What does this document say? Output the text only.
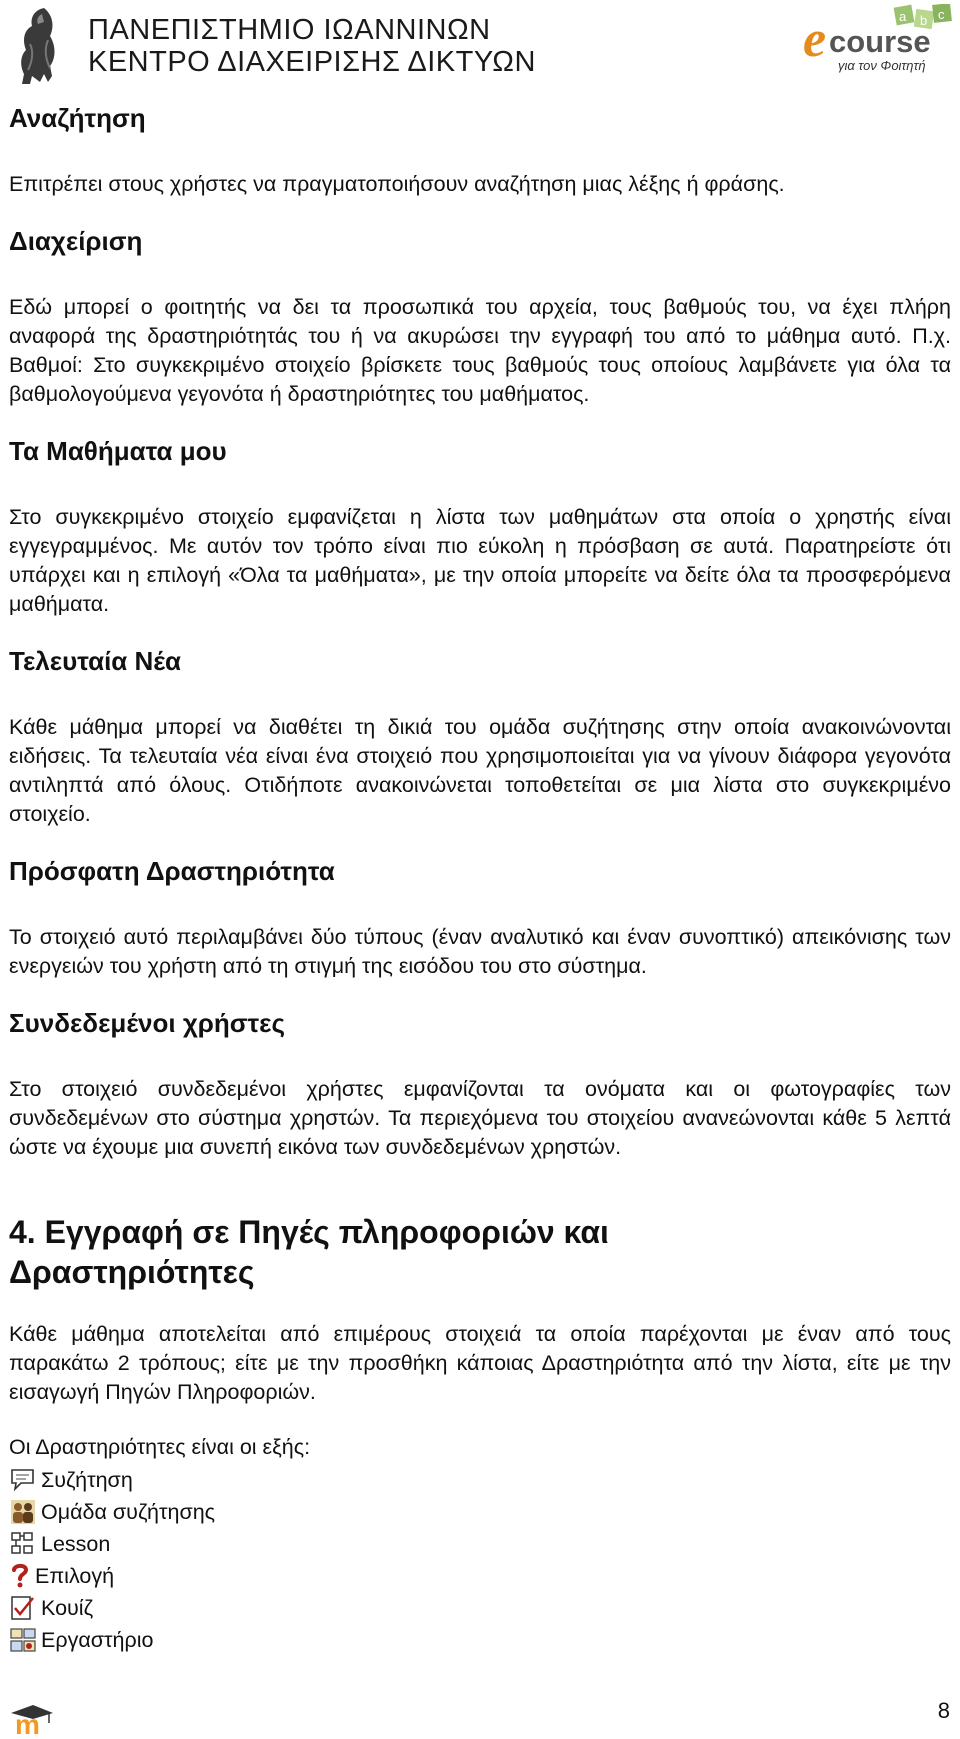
ΠΑΝΕΠΙΣΤΗΜΙΟ ΙΩΑΝΝΙΝΩΝ
ΚΕΝΤΡΟ ΔΙΑΧΕΙΡΙΣΗΣ ΔΙΚΤΥΩΝ
a b c
e course
για τον Φοιτητή
Αναζήτηση

Επιτρέπει στους χρήστες να πραγματοποιήσουν αναζήτηση μιας λέξης ή φράσης.

Διαχείριση

Εδώ μπορεί ο φοιτητής να δει τα προσωπικά του αρχεία, τους βαθμούς του, να έχει πλήρη αναφορά της δραστηριότητάς του ή να ακυρώσει την εγγραφή του από το μάθημα αυτό. Π.χ. Βαθμοί: Στο συγκεκριμένο στοιχείο βρίσκετε τους βαθμούς τους οποίους λαμβάνετε για όλα τα βαθμολογούμενα γεγονότα ή δραστηριότητες του μαθήματος.

Τα Μαθήματα μου

Στο συγκεκριμένο στοιχείο εμφανίζεται η λίστα των μαθημάτων στα οποία ο χρηστής είναι εγγεγραμμένος. Με αυτόν τον τρόπο είναι πιο εύκολη η πρόσβαση σε αυτά. Παρατηρείστε ότι υπάρχει και η επιλογή «Όλα τα μαθήματα», με την οποία μπορείτε να δείτε όλα τα προσφερόμενα μαθήματα.

Τελευταία Νέα

Κάθε μάθημα μπορεί να διαθέτει τη δικιά του ομάδα συζήτησης στην οποία ανακοινώνονται ειδήσεις. Τα τελευταία νέα είναι ένα στοιχειό που χρησιμοποιείται για να γίνουν διάφορα γεγονότα αντιληπτά από όλους. Οτιδήποτε ανακοινώνεται τοποθετείται σε μια λίστα στο συγκεκριμένο στοιχείο.

Πρόσφατη Δραστηριότητα

Το στοιχειό αυτό περιλαμβάνει δύο τύπους (έναν αναλυτικό και έναν συνοπτικό) απεικόνισης των ενεργειών του χρήστη από τη στιγμή της εισόδου του στο σύστημα.

Συνδεδεμένοι χρήστες

Στο στοιχειό συνδεδεμένοι χρήστες εμφανίζονται τα ονόματα και οι φωτογραφίες των συνδεδεμένων στο σύστημα χρηστών. Τα περιεχόμενα του στοιχείου ανανεώνονται κάθε 5 λεπτά ώστε να έχουμε μια συνεπή εικόνα των συνδεδεμένων χρηστών.

4. Εγγραφή σε Πηγές πληροφοριών και
Δραστηριότητες

Κάθε μάθημα αποτελείται από επιμέρους στοιχειά τα οποία παρέχονται με έναν από τους παρακάτω 2 τρόπους; είτε με την προσθήκη κάποιας Δραστηριότητα από την λίστα, είτε με την εισαγωγή Πηγών Πληροφοριών.

Οι Δραστηριότητες είναι οι εξής:

Συζήτηση
Ομάδα συζήτησης
Lesson
Επιλογή
Κουίζ
Εργαστήριο
m	8
